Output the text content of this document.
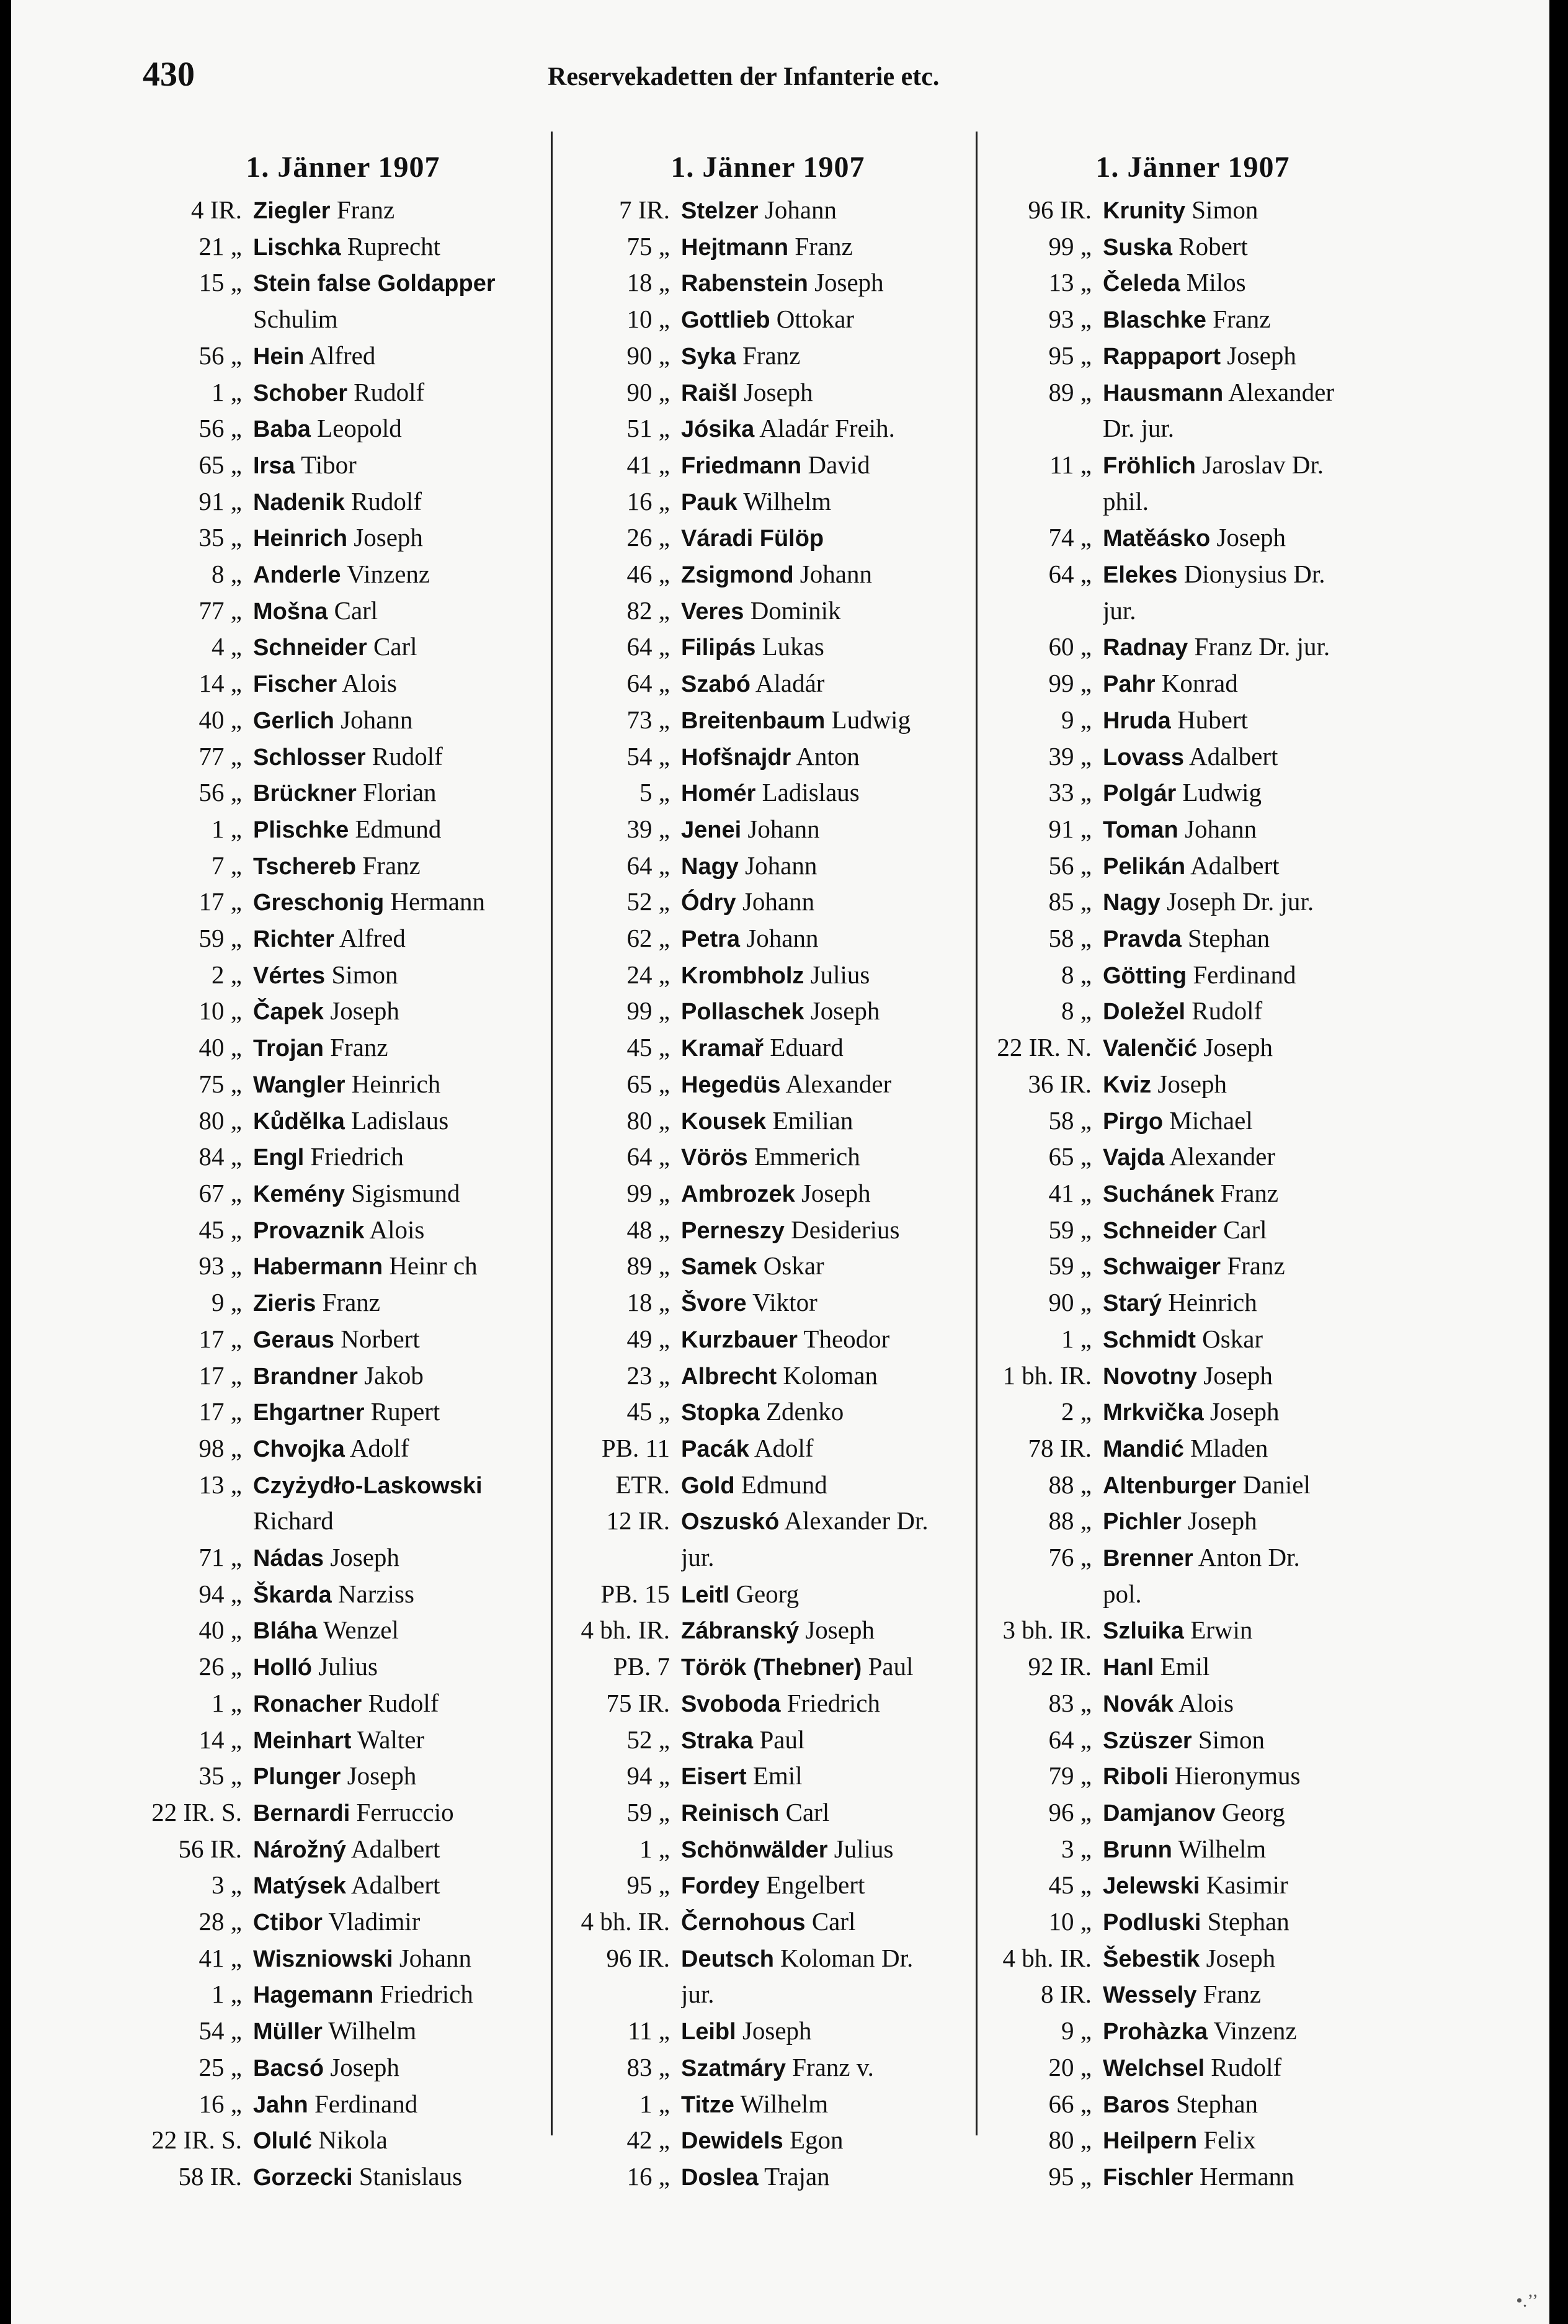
430	Reservekadetten der Infanterie etc.
1. Jänner 1907
4 IR. Ziegler Franz
21 „ Lischka Ruprecht
15 „ Stein false Goldapper
Schulim
56 „ Hein Alfred
1 „ Schober Rudolf
56 „ Baba Leopold
65 „ Irsa Tibor
91 „ Nadenik Rudolf
35 „ Heinrich Joseph
8 „ Anderle Vinzenz
77 „ Mošna Carl
4 „ Schneider Carl
14 „ Fischer Alois
40 „ Gerlich Johann
77 „ Schlosser Rudolf
56 „ Brückner Florian
1 „ Plischke Edmund
7 „ Tschereb Franz
17 „ Greschonig Hermann
59 „ Richter Alfred
2 „ Vértes Simon
10 „ Čapek Joseph
40 „ Trojan Franz
75 „ Wangler Heinrich
80 „ Kůdělka Ladislaus
84 „ Engl Friedrich
67 „ Kemény Sigismund
45 „ Provaznik Alois
93 „ Habermann Heinr ch
9 „ Zieris Franz
17 „ Geraus Norbert
17 „ Brandner Jakob
17 „ Ehgartner Rupert
98 „ Chvojka Adolf
13 „ Czyżydło-Laskowski
Richard
71 „ Nádas Joseph
94 „ Škarda Narziss
40 „ Bláha Wenzel
26 „ Holló Julius
1 „ Ronacher Rudolf
14 „ Meinhart Walter
35 „ Plunger Joseph
22 IR. S. Bernardi Ferruccio
56 IR. Nárožný Adalbert
3 „ Matýsek Adalbert
28 „ Ctibor Vladimir
41 „ Wiszniowski Johann
1 „ Hagemann Friedrich
54 „ Müller Wilhelm
25 „ Bacsó Joseph
16 „ Jahn Ferdinand
22 IR. S. Olulć Nikola
58 IR. Gorzecki Stanislaus
1. Jänner 1907
7 IR. Stelzer Johann
75 „ Hejtmann Franz
18 „ Rabenstein Joseph
10 „ Gottlieb Ottokar
90 „ Syka Franz
90 „ Raišl Joseph
51 „ Jósika Aladár Freih.
41 „ Friedmann David
16 „ Pauk Wilhelm
26 „ Váradi Fülöp
46 „ Zsigmond Johann
82 „ Veres Dominik
64 „ Filipás Lukas
64 „ Szabó Aladár
73 „ Breitenbaum Ludwig
54 „ Hofšnajdr Anton
5 „ Homér Ladislaus
39 „ Jenei Johann
64 „ Nagy Johann
52 „ Ódry Johann
62 „ Petra Johann
24 „ Krombholz Julius
99 „ Pollaschek Joseph
45 „ Kramař Eduard
65 „ Hegedüs Alexander
80 „ Kousek Emilian
64 „ Vörös Emmerich
99 „ Ambrozek Joseph
48 „ Perneszy Desiderius
89 „ Samek Oskar
18 „ Švore Viktor
49 „ Kurzbauer Theodor
23 „ Albrecht Koloman
45 „ Stopka Zdenko
PB. 11 Pacák Adolf
ETR. Gold Edmund
12 IR. Oszuskó Alexander Dr.
jur.
PB. 15 Leitl Georg
4 bh. IR. Zábranský Joseph
PB. 7 Török (Thebner) Paul
75 IR. Svoboda Friedrich
52 „ Straka Paul
94 „ Eisert Emil
59 „ Reinisch Carl
1 „ Schönwälder Julius
95 „ Fordey Engelbert
4 bh. IR. Černohous Carl
96 IR. Deutsch Koloman Dr.
jur.
11 „ Leibl Joseph
83 „ Szatmáry Franz v.
1 „ Titze Wilhelm
42 „ Dewidels Egon
16 „ Doslea Trajan
1. Jänner 1907
96 IR. Krunity Simon
99 „ Suska Robert
13 „ Čeleda Milos
93 „ Blaschke Franz
95 „ Rappaport Joseph
89 „ Hausmann Alexander
Dr. jur.
11 „ Fröhlich Jaroslav Dr.
phil.
74 „ Matěásko Joseph
64 „ Elekes Dionysius Dr.
jur.
60 „ Radnay Franz Dr. jur.
99 „ Pahr Konrad
9 „ Hruda Hubert
39 „ Lovass Adalbert
33 „ Polgár Ludwig
91 „ Toman Johann
56 „ Pelikán Adalbert
85 „ Nagy Joseph Dr. jur.
58 „ Pravda Stephan
8 „ Götting Ferdinand
8 „ Doležel Rudolf
22 IR. N. Valenčić Joseph
36 IR. Kviz Joseph
58 „ Pirgo Michael
65 „ Vajda Alexander
41 „ Suchánek Franz
59 „ Schneider Carl
59 „ Schwaiger Franz
90 „ Starý Heinrich
1 „ Schmidt Oskar
1 bh. IR. Novotny Joseph
2 „ Mrkvička Joseph
78 IR. Mandić Mladen
88 „ Altenburger Daniel
88 „ Pichler Joseph
76 „ Brenner Anton Dr.
pol.
3 bh. IR. Szluika Erwin
92 IR. Hanl Emil
83 „ Novák Alois
64 „ Szüszer Simon
79 „ Riboli Hieronymus
96 „ Damjanov Georg
3 „ Brunn Wilhelm
45 „ Jelewski Kasimir
10 „ Podluski Stephan
4 bh. IR. Šebestik Joseph
8 IR. Wessely Franz
9 „ Prohàzka Vinzenz
20 „ Welchsel Rudolf
66 „ Baros Stephan
80 „ Heilpern Felix
95 „ Fischler Hermann
•.’’
